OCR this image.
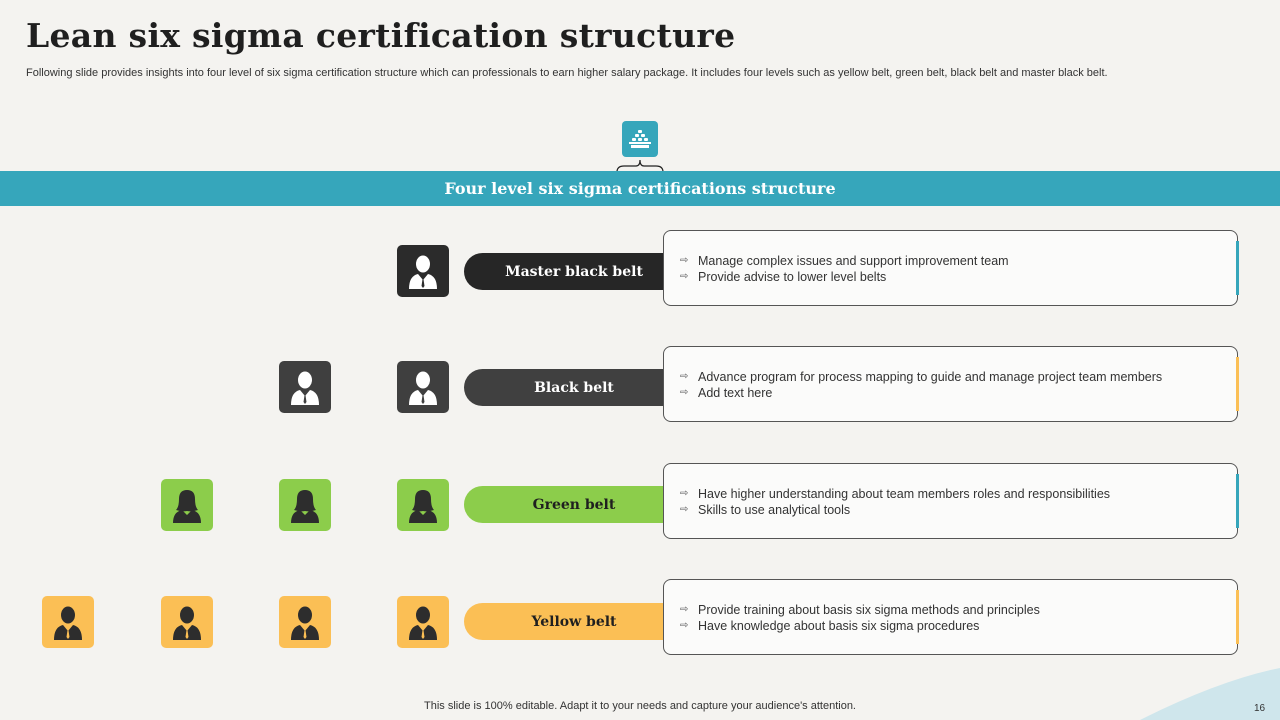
Lean six sigma certification structure
Following slide provides insights into four level of six sigma certification structure which can professionals to earn higher salary package. It includes four levels such as yellow belt, green belt, black belt and master black belt.
Four level six sigma certifications structure
Master black belt
Black belt
Green belt
Yellow belt
⇨ Manage complex issues and support improvement team
⇨ Provide advise to lower level belts
⇨ Advance program for process mapping to guide and manage project team members
⇨ Add text here
⇨ Have higher understanding about team members roles and responsibilities
⇨ Skills to use analytical tools
⇨ Provide training about basis six sigma methods and principles
⇨ Have knowledge about basis six sigma procedures
This slide is 100% editable. Adapt it to your needs and capture your audience's attention.	16
